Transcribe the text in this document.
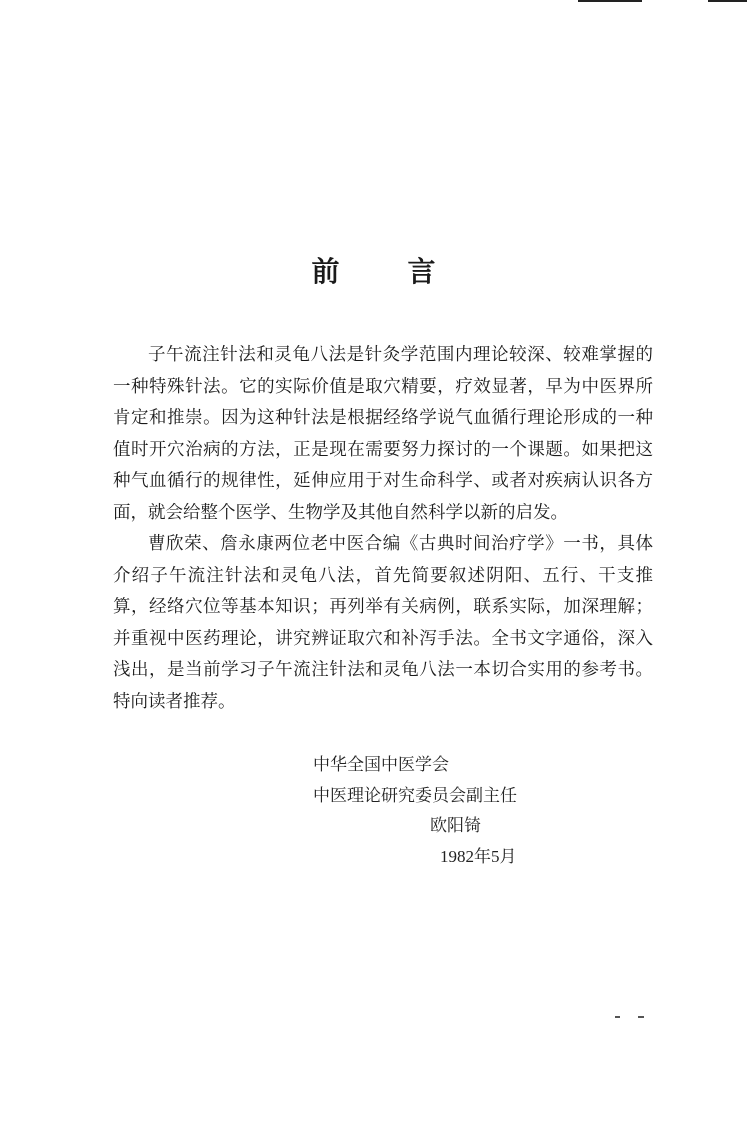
前 言

子午流注针法和灵龟八法是针灸学范围内理论较深、较难掌握的一种特殊针法。它的实际价值是取穴精要，疗效显著，早为中医界所肯定和推崇。因为这种针法是根据经络学说气血循行理论形成的一种值时开穴治病的方法，正是现在需要努力探讨的一个课题。如果把这种气血循行的规律性，延伸应用于对生命科学、或者对疾病认识各方面，就会给整个医学、生物学及其他自然科学以新的启发。

曹欣荣、詹永康两位老中医合编《古典时间治疗学》一书，具体介绍子午流注针法和灵龟八法，首先简要叙述阴阳、五行、干支推算，经络穴位等基本知识；再列举有关病例，联系实际，加深理解；并重视中医药理论，讲究辨证取穴和补泻手法。全书文字通俗，深入浅出，是当前学习子午流注针法和灵龟八法一本切合实用的参考书。特向读者推荐。

中华全国中医学会
中医理论研究委员会副主任
欧阳锜
1982年5月
